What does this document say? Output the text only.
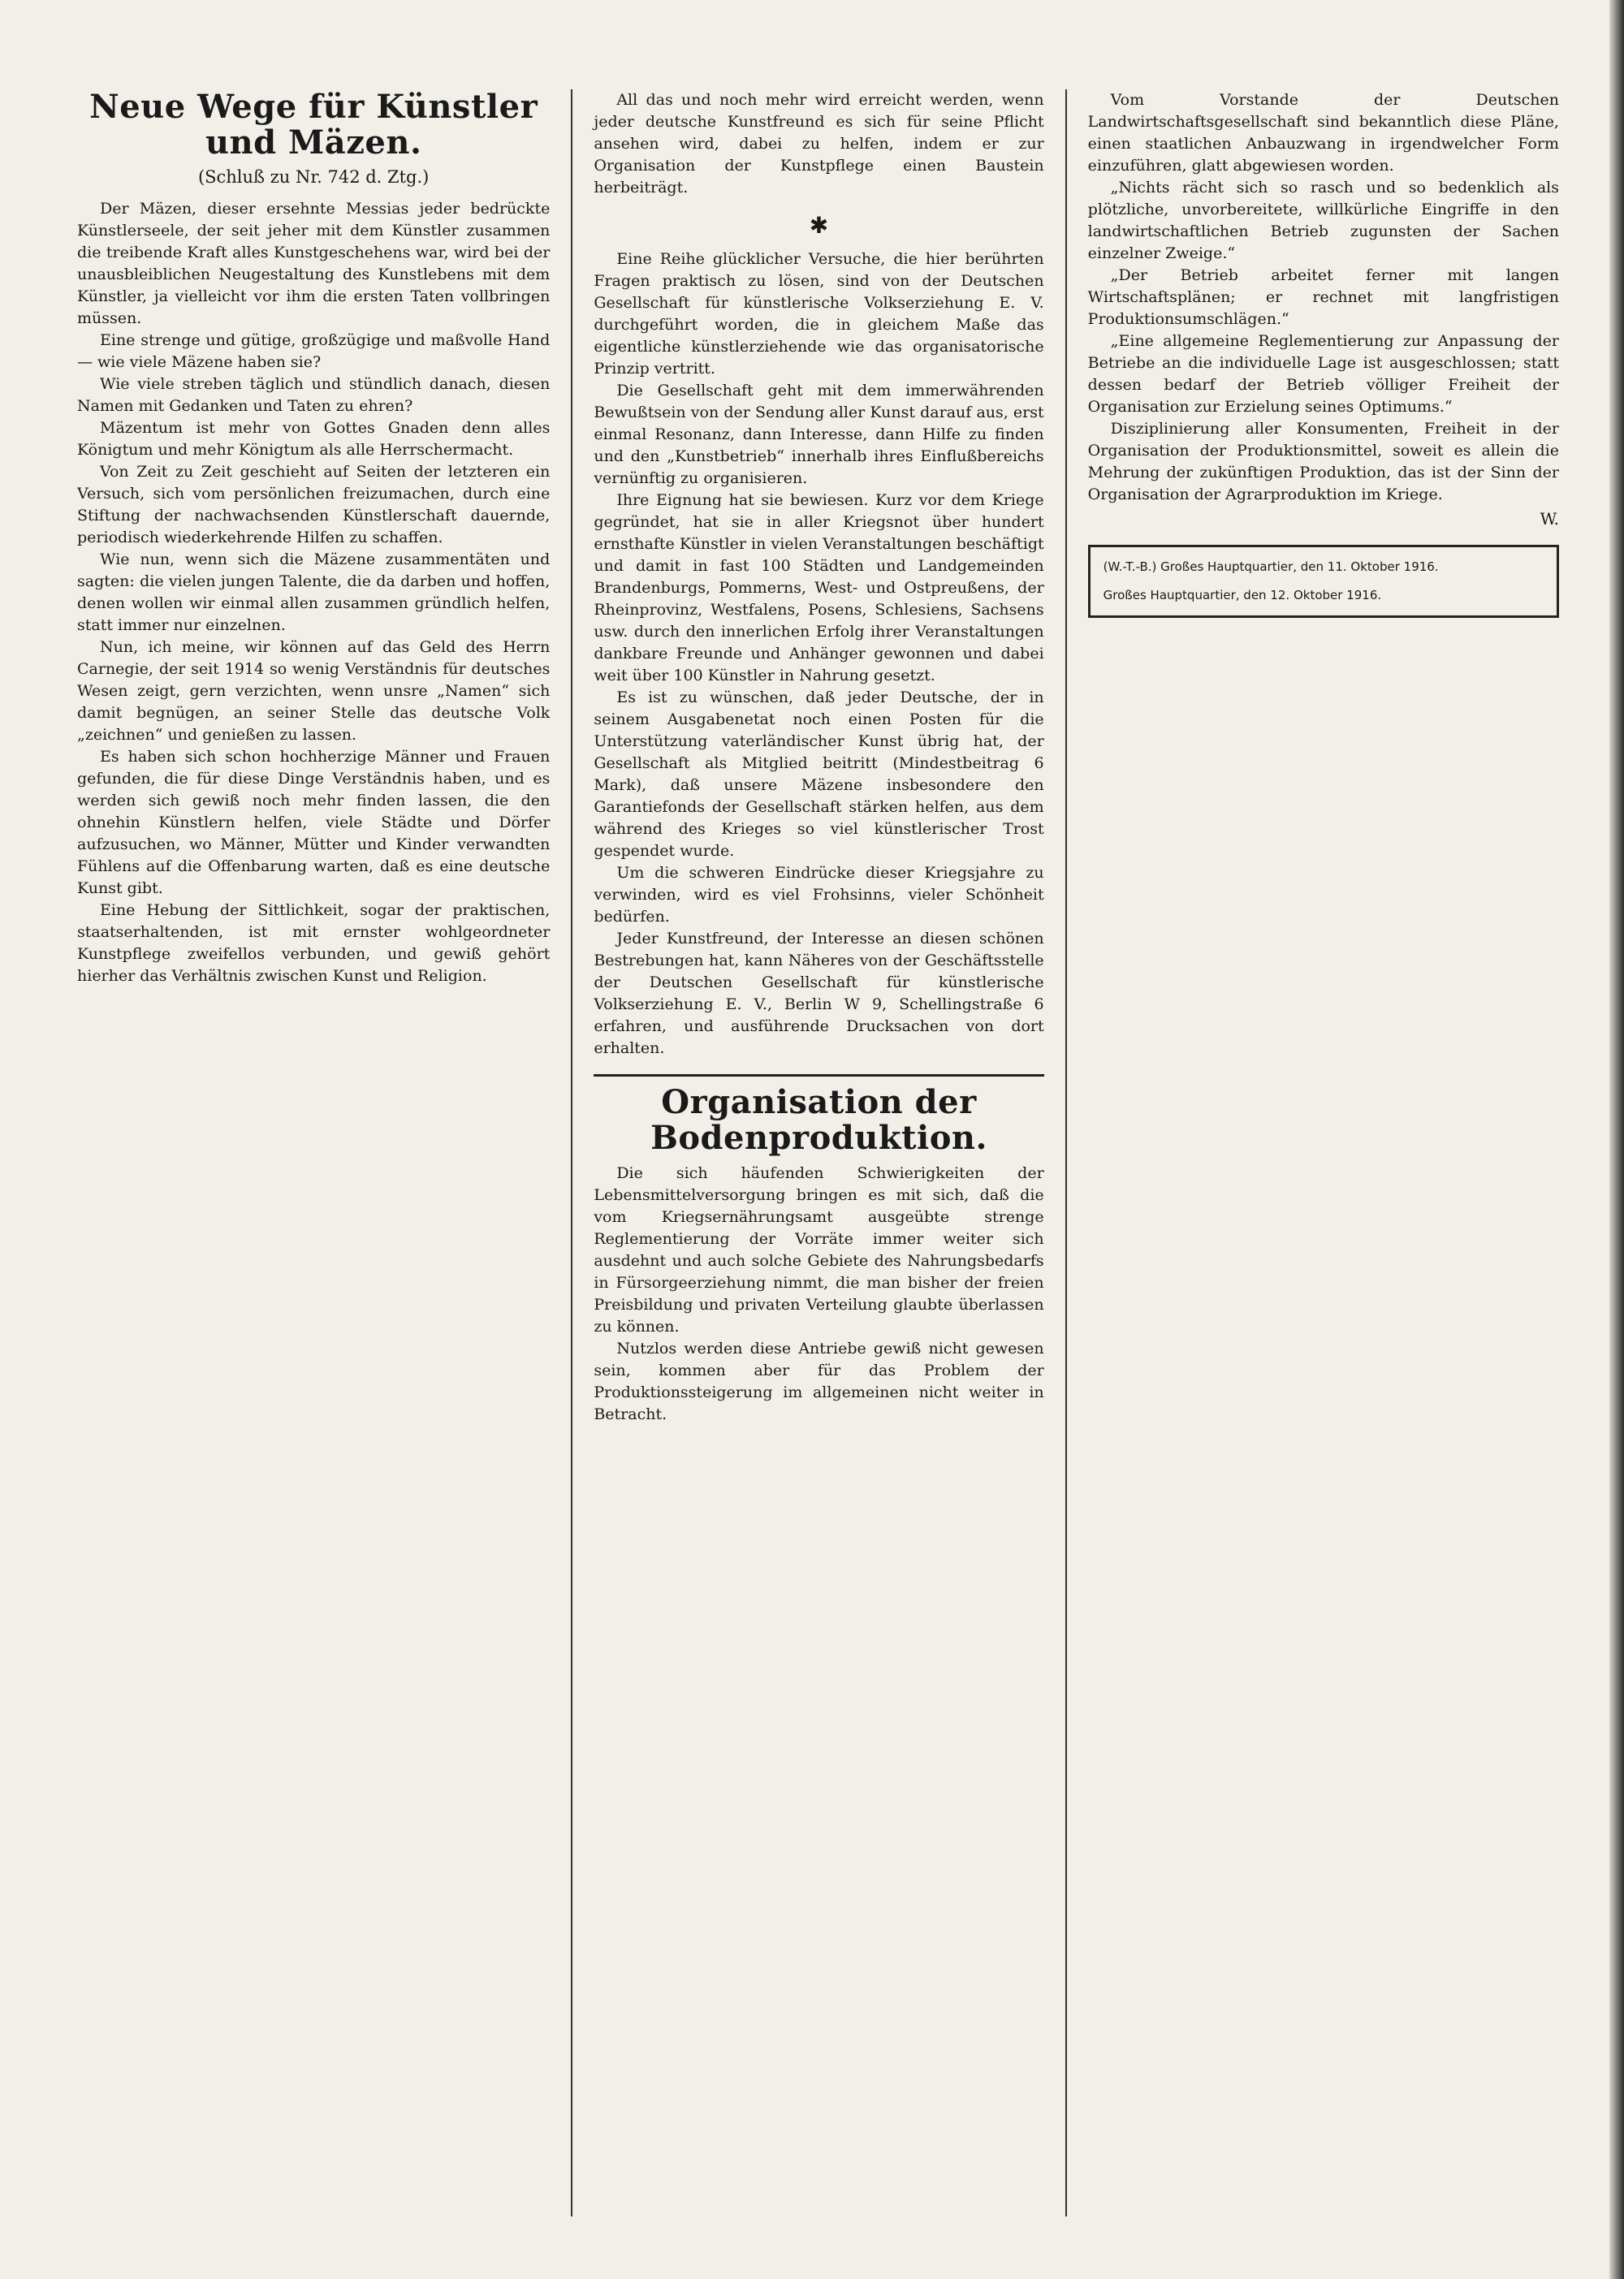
Neue Wege für Künstler und Mäzen.
(Schluß zu Nr. 742 d. Ztg.)

Der Mäzen, dieser ersehnte Messias jeder bedrückte Künstlerseele, der seit jeher mit dem Künstler zusammen die treibende Kraft alles Kunstgeschehens war, wird bei der unausbleiblichen Neugestaltung des Kunstlebens mit dem Künstler, ja vielleicht vor ihm die ersten Taten vollbringen müssen.

Eine strenge und gütige, großzügige und maßvolle Hand — wie viele Mäzene haben sie?

Wie viele streben täglich und stündlich danach, diesen Namen mit Gedanken und Taten zu ehren?

Mäzentum ist mehr von Gottes Gnaden denn alles Königtum und mehr Königtum als alle Herrschermacht.

Von Zeit zu Zeit geschieht auf Seiten der letzteren ein Versuch, sich vom persönlichen freizumachen, durch eine Stiftung der nachwachsenden Künstlerschaft dauernde, periodisch wiederkehrende Hilfen zu schaffen.

Wie nun, wenn sich die Mäzene zusammentäten und sagten: die vielen jungen Talente, die da darben und hoffen, denen wollen wir einmal allen zusammen gründlich helfen, statt immer nur einzelnen.

Nun, ich meine, wir können auf das Geld des Herrn Carnegie, der seit 1914 so wenig Verständnis für deutsches Wesen zeigt, gern verzichten, wenn unsre „Namen“ sich damit begnügen, an seiner Stelle das deutsche Volk „zeichnen“ und genießen zu lassen.

Es haben sich schon hochherzige Männer und Frauen gefunden, die für diese Dinge Verständnis haben, und es werden sich gewiß noch mehr finden lassen, die den ohnehin Künstlern helfen, viele Städte und Dörfer aufzusuchen, wo Männer, Mütter und Kinder verwandten Fühlens auf die Offenbarung warten, daß es eine deutsche Kunst gibt.

Eine Hebung der Sittlichkeit, sogar der praktischen, staatserhaltenden, ist mit ernster wohlgeordneter Kunstpflege zweifellos verbunden, und gewiß gehört hierher das Verhältnis zwischen Kunst und Religion.

All das und noch mehr wird erreicht werden, wenn jeder deutsche Kunstfreund es sich für seine Pflicht ansehen wird, dabei zu helfen, indem er zur Organisation der Kunstpflege einen Baustein herbeiträgt.

✱

Eine Reihe glücklicher Versuche, die hier berührten Fragen praktisch zu lösen, sind von der Deutschen Gesellschaft für künstlerische Volkserziehung E. V. durchgeführt worden, die in gleichem Maße das eigentliche künstlerziehende wie das organisatorische Prinzip vertritt.

Die Gesellschaft geht mit dem immerwährenden Bewußtsein von der Sendung aller Kunst darauf aus, erst einmal Resonanz, dann Interesse, dann Hilfe zu finden und den „Kunstbetrieb“ innerhalb ihres Einflußbereichs vernünftig zu organisieren.

Ihre Eignung hat sie bewiesen. Kurz vor dem Kriege gegründet, hat sie in aller Kriegsnot über hundert ernsthafte Künstler in vielen Veranstaltungen beschäftigt und damit in fast 100 Städten und Landgemeinden Brandenburgs, Pommerns, West- und Ostpreußens, der Rheinprovinz, Westfalens, Posens, Schlesiens, Sachsens usw. durch den innerlichen Erfolg ihrer Veranstaltungen dankbare Freunde und Anhänger gewonnen und dabei weit über 100 Künstler in Nahrung gesetzt.

Es ist zu wünschen, daß jeder Deutsche, der in seinem Ausgabenetat noch einen Posten für die Unterstützung vaterländischer Kunst übrig hat, der Gesellschaft als Mitglied beitritt (Mindestbeitrag 6 Mark), daß unsere Mäzene insbesondere den Garantiefonds der Gesellschaft stärken helfen, aus dem während des Krieges so viel künstlerischer Trost gespendet wurde.

Um die schweren Eindrücke dieser Kriegsjahre zu verwinden, wird es viel Frohsinns, vieler Schönheit bedürfen.

Jeder Kunstfreund, der Interesse an diesen schönen Bestrebungen hat, kann Näheres von der Geschäftsstelle der Deutschen Gesellschaft für künstlerische Volkserziehung E. V., Berlin W 9, Schellingstraße 6 erfahren, und ausführende Drucksachen von dort erhalten.

Organisation der Bodenproduktion.

Die sich häufenden Schwierigkeiten der Lebensmittelversorgung bringen es mit sich, daß die vom Kriegsernährungsamt ausgeübte strenge Reglementierung der Vorräte immer weiter sich ausdehnt und auch solche Gebiete des Nahrungsbedarfs in Fürsorgeerziehung nimmt, die man bisher der freien Preisbildung und privaten Verteilung glaubte überlassen zu können.

Nutzlos werden diese Antriebe gewiß nicht gewesen sein, kommen aber für das Problem der Produktionssteigerung im allgemeinen nicht weiter in Betracht.

Vom Vorstande der Deutschen Landwirtschaftsgesellschaft sind bekanntlich diese Pläne, einen staatlichen Anbauzwang in irgendwelcher Form einzuführen, glatt abgewiesen worden.

„Nichts rächt sich so rasch und so bedenklich als plötzliche, unvorbereitete, willkürliche Eingriffe in den landwirtschaftlichen Betrieb zugunsten der Sachen einzelner Zweige.“

„Der Betrieb arbeitet ferner mit langen Wirtschaftsplänen; er rechnet mit langfristigen Produktionsumschlägen.“

„Eine allgemeine Reglementierung zur Anpassung der Betriebe an die individuelle Lage ist ausgeschlossen; statt dessen bedarf der Betrieb völliger Freiheit der Organisation zur Erzielung seines Optimums.“

Disziplinierung aller Konsumenten, Freiheit in der Organisation der Produktionsmittel, soweit es allein die Mehrung der zukünftigen Produktion, das ist der Sinn der Organisation der Agrarproduktion im Kriege.

W.

(W.-T.-B.) Großes Hauptquartier, den 11. Oktober 1916.

Großes Hauptquartier, den 12. Oktober 1916.
